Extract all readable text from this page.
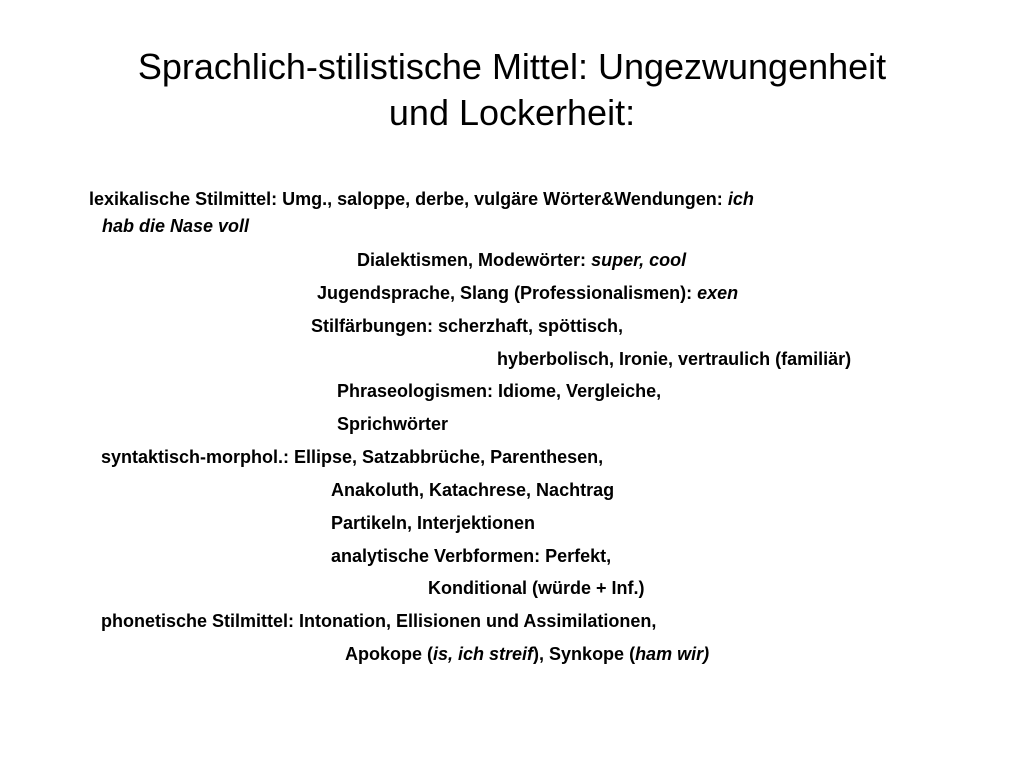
Sprachlich-stilistische Mittel: Ungezwungenheit
und Lockerheit:
lexikalische Stilmittel: Umg., saloppe, derbe, vulgäre Wörter&Wendungen: ich
hab die Nase voll
Dialektismen, Modewörter: super, cool
Jugendsprache, Slang (Professionalismen): exen
Stilfärbungen: scherzhaft, spöttisch,
hyberbolisch, Ironie, vertraulich (familiär)
Phraseologismen: Idiome, Vergleiche,
Sprichwörter
syntaktisch-morphol.: Ellipse, Satzabbrüche, Parenthesen,
Anakoluth, Katachrese, Nachtrag
Partikeln, Interjektionen
analytische Verbformen: Perfekt,
Konditional (würde + Inf.)
phonetische Stilmittel: Intonation, Ellisionen und Assimilationen,
Apokope (is, ich streif), Synkope (ham wir)
